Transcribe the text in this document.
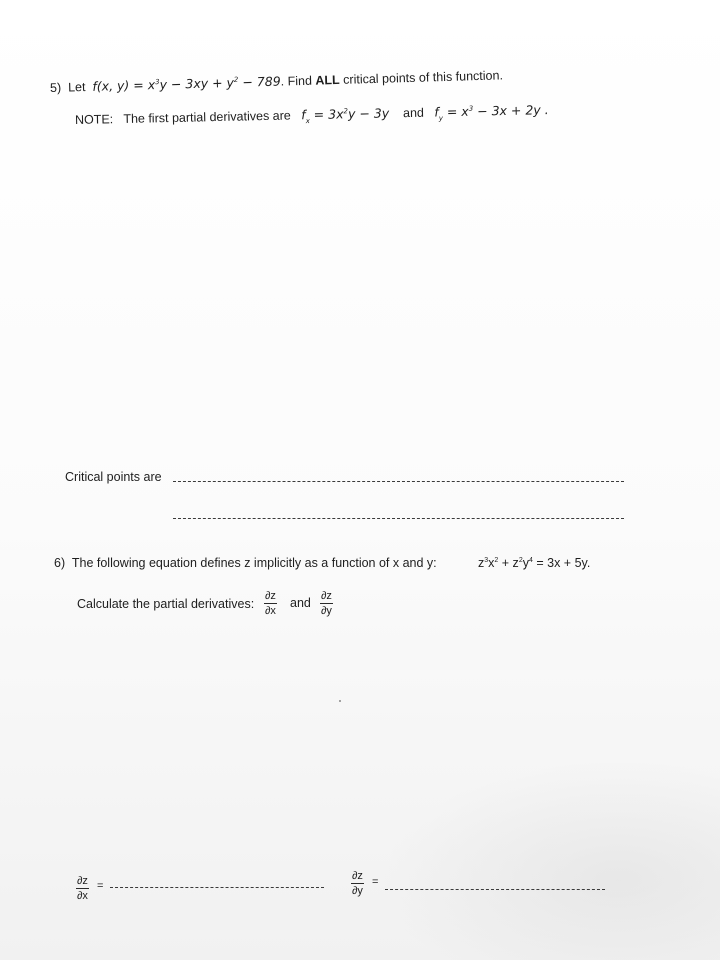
5) Let f(x, $y) = x^3y - 3xy + y^2 - 789$. Find ALL critical points of this function.
NOTE: The first partial derivatives are $f_x = 3x^2y - 3y$ and $f_y = x^3 - 3x + 2y$ .
Critical points are
6) The following equation defines z implicitly as a function of x and y:	$z^3x^2 + z^2y^4 = 3x + 5y$.
Calculate the partial derivatives: $\frac{\partial z}{\partial x}$ and $\frac{\partial z}{\partial y}$
$\frac{\partial z}{\partial x}$ =	$\frac{\partial z}{\partial y}$ =
